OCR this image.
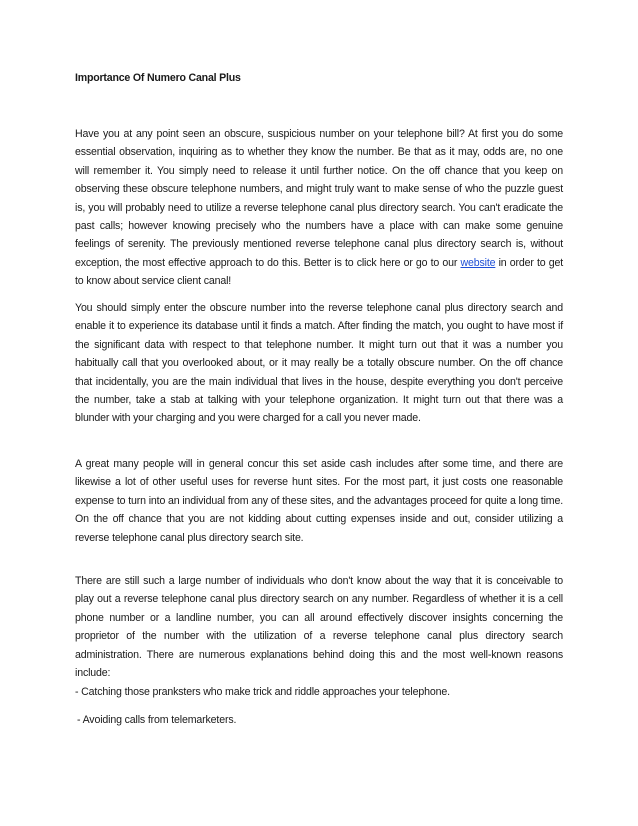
Importance Of Numero Canal Plus

Have you at any point seen an obscure, suspicious number on your telephone bill? At first you do some essential observation, inquiring as to whether they know the number. Be that as it may, odds are, no one will remember it. You simply need to release it until further notice. On the off chance that you keep on observing these obscure telephone numbers, and might truly want to make sense of who the puzzle guest is, you will probably need to utilize a reverse telephone canal plus directory search. You can't eradicate the past calls; however knowing precisely who the numbers have a place with can make some genuine feelings of serenity. The previously mentioned reverse telephone canal plus directory search is, without exception, the most effective approach to do this. Better is to click here or go to our website in order to get to know about service client canal!

You should simply enter the obscure number into the reverse telephone canal plus directory search and enable it to experience its database until it finds a match. After finding the match, you ought to have most if the significant data with respect to that telephone number. It might turn out that it was a number you habitually call that you overlooked about, or it may really be a totally obscure number. On the off chance that incidentally, you are the main individual that lives in the house, despite everything you don't perceive the number, take a stab at talking with your telephone organization. It might turn out that there was a blunder with your charging and you were charged for a call you never made.

A great many people will in general concur this set aside cash includes after some time, and there are likewise a lot of other useful uses for reverse hunt sites. For the most part, it just costs one reasonable expense to turn into an individual from any of these sites, and the advantages proceed for quite a long time. On the off chance that you are not kidding about cutting expenses inside and out, consider utilizing a reverse telephone canal plus directory search site.

There are still such a large number of individuals who don't know about the way that it is conceivable to play out a reverse telephone canal plus directory search on any number. Regardless of whether it is a cell phone number or a landline number, you can all around effectively discover insights concerning the proprietor of the number with the utilization of a reverse telephone canal plus directory search administration. There are numerous explanations behind doing this and the most well-known reasons include:

- Catching those pranksters who make trick and riddle approaches your telephone.
- Avoiding calls from telemarketers.
